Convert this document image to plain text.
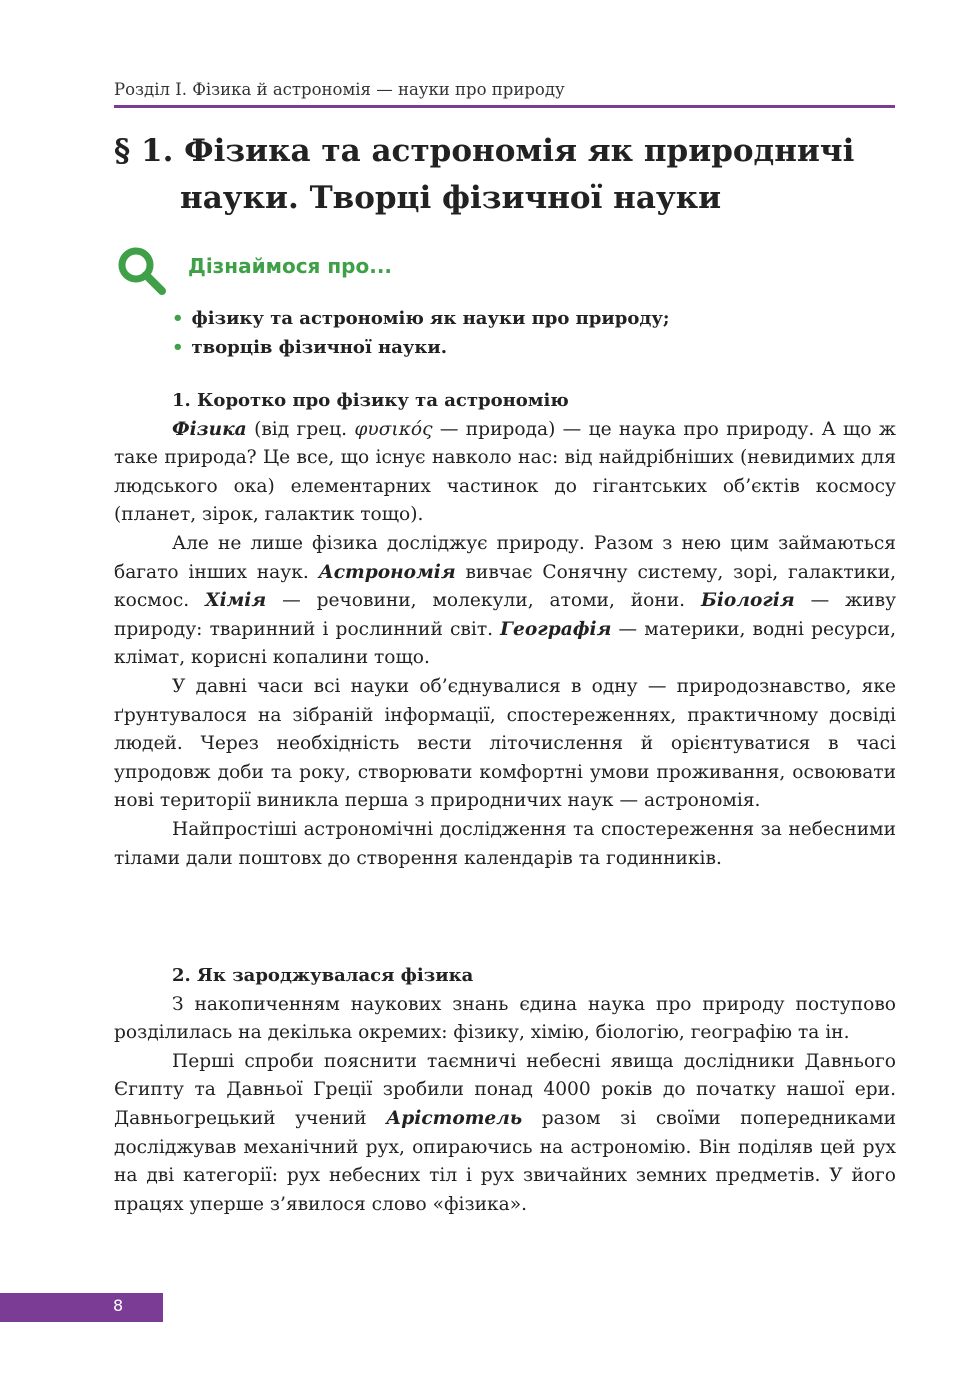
Розділ І. Фізика й астрономія — науки про природу
§ 1. Фізика та астрономія як природничі
науки. Творці фізичної науки
Дізнаймося про...
• фізику та астрономію як науки про природу;
• творців фізичної науки.
1. Коротко про фізику та астрономію

Фізика (від грец. φυσικός — природа) — це наука про природу. А що ж таке природа? Це все, що існує навколо нас: від найдрібніших (невидимих для людського ока) елементарних частинок до гігантських об’єктів космосу (планет, зірок, галактик тощо).

Але не лише фізика досліджує природу. Разом з нею цим займаються багато інших наук. Астрономія вивчає Сонячну систему, зорі, галактики, космос. Хімія — речовини, молекули, атоми, йони. Біологія — живу природу: тваринний і рослинний світ. Географія — материки, водні ресурси, клімат, корисні копалини тощо.

У давні часи всі науки об’єднувалися в одну — природознавство, яке ґрунтувалося на зібраній інформації, спостереженнях, практичному досвіді людей. Через необхідність вести літочислення й орієнтуватися в часі упродовж доби та року, створювати комфортні умови проживання, освоювати нові території виникла перша з природничих наук — астрономія.

Найпростіші астрономічні дослідження та спостереження за небесними тілами дали поштовх до створення календарів та годинників.

2. Як зароджувалася фізика

З накопиченням наукових знань єдина наука про природу поступово розділилась на декілька окремих: фізику, хімію, біологію, географію та ін.

Перші спроби пояснити таємничі небесні явища дослідники Давнього Єгипту та Давньої Греції зробили понад 4000 років до початку нашої ери. Давньогрецький учений Арістотель разом зі своїми попередниками досліджував механічний рух, опираючись на астрономію. Він поділяв цей рух на дві категорії: рух небесних тіл і рух звичайних земних предметів. У його працях уперше з’явилося слово «фізика».

8
